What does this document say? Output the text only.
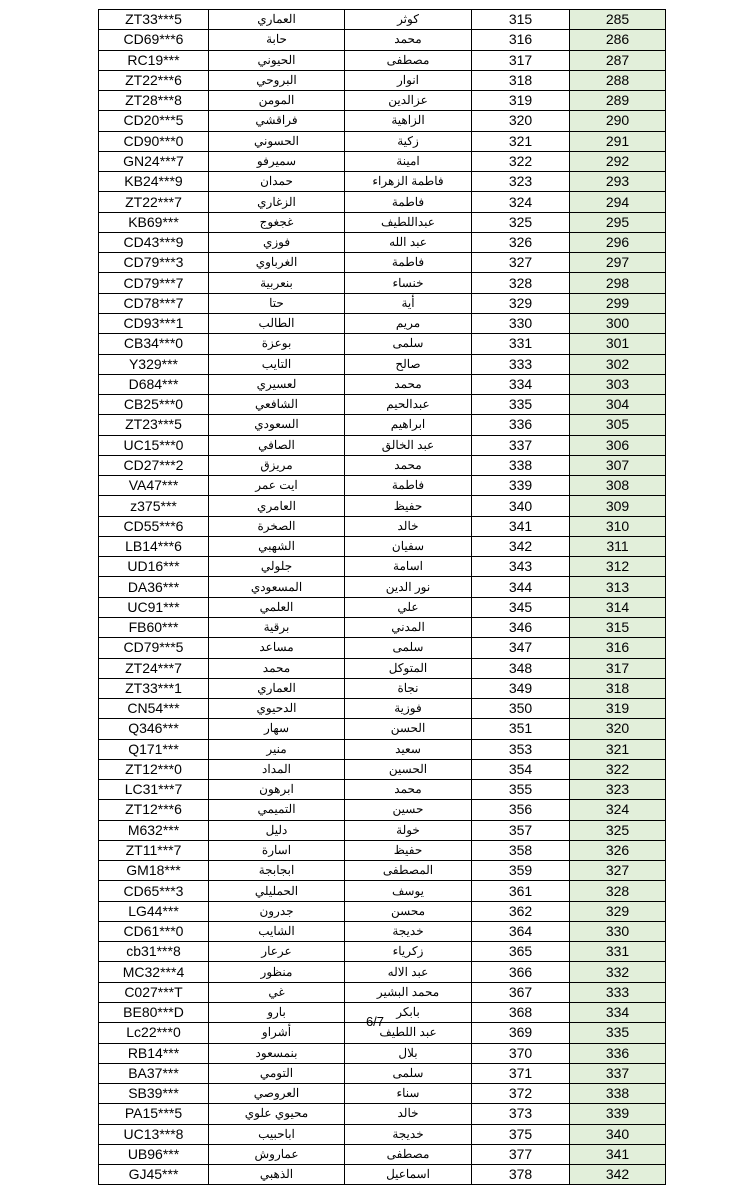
ZT33***5	العماري	كوثر	315	285
CD69***6	حابة	محمد	316	286
RC19***	الحيوني	مصطفى	317	287
ZT22***6	البروحي	انوار	318	288
ZT28***8	المومن	عزالدين	319	289
CD20***5	فراقشي	الزاهية	320	290
CD90***0	الحسوني	زكية	321	291
GN24***7	سميرفو	امينة	322	292
KB24***9	حمدان	فاطمة الزهراء	323	293
ZT22***7	الزغاري	فاطمة	324	294
KB69***	غجغوج	عبداللطيف	325	295
CD43***9	فوزي	عبد الله	326	296
CD79***3	الغرباوي	فاطمة	327	297
CD79***7	بنعربية	خنساء	328	298
CD78***7	حتا	أية	329	299
CD93***1	الطالب	مريم	330	300
CB34***0	بوعزة	سلمى	331	301
Y329***	التايب	صالح	333	302
D684***	لعسيري	محمد	334	303
CB25***0	الشافعي	عبدالحيم	335	304
ZT23***5	السعودي	ابراهيم	336	305
UC15***0	الصافي	عبد الخالق	337	306
CD27***2	مريزق	محمد	338	307
VA47***	ايت عمر	فاطمة	339	308
z375***	العامري	حفيظ	340	309
CD55***6	الصخرة	خالد	341	310
LB14***6	الشهبي	سفيان	342	311
UD16***	جلولي	اسامة	343	312
DA36***	المسعودي	نور الدين	344	313
UC91***	العلمي	علي	345	314
FB60***	برقية	المدني	346	315
CD79***5	مساعد	سلمى	347	316
ZT24***7	محمد	المتوكل	348	317
ZT33***1	العماري	نجاة	349	318
CN54***	الدحيوي	فوزية	350	319
Q346***	سهار	الحسن	351	320
Q171***	منير	سعيد	353	321
ZT12***0	المداد	الحسين	354	322
LC31***7	ابرهون	محمد	355	323
ZT12***6	التميمي	حسين	356	324
M632***	دليل	خولة	357	325
ZT11***7	اسارة	حفيظ	358	326
GM18***	ابجابجة	المصطفى	359	327
CD65***3	الحمليلي	يوسف	361	328
LG44***	جدرون	محسن	362	329
CD61***0	الشايب	خديجة	364	330
cb31***8	عرعار	زكرياء	365	331
MC32***4	منظور	عبد الاله	366	332
C027***T	غي	محمد البشير	367	333
BE80***D	بارو	بابكر	368	334
Lc22***0	أشراو	عبد اللطيف	369	335
RB14***	بنمسعود	بلال	370	336
BA37***	التومي	سلمى	371	337
SB39***	العروصي	سناء	372	338
PA15***5	محيوي علوي	خالد	373	339
UC13***8	اباحبيب	خديجة	375	340
UB96***	عماروش	مصطفى	377	341
GJ45***	الذهبي	اسماعيل	378	342
6/7
